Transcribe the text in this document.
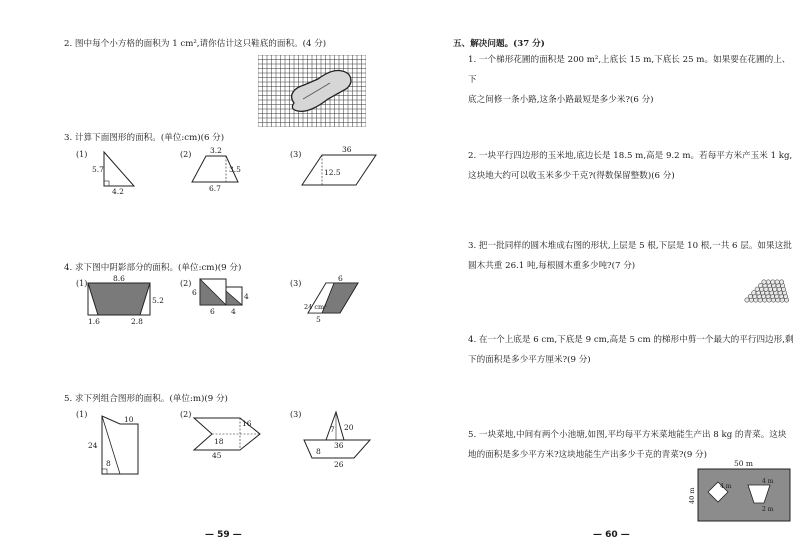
2. 图中每个小方格的面积为 1 cm²,请你估计这只鞋底的面积。(4 分)
3. 计算下面图形的面积。(单位:cm)(6 分)
(1)
5.7
4.2
(2) 3.2
3.5
6.7
(3)
36
12.5
4. 求下图中阴影部分的面积。(单位:cm)(9 分)
(1)
8.6
5.2
1.6	2.8
(2)
6
6 4
4
(3)
6
24 cm²
5
5. 求下列组合图形的面积。(单位:m)(9 分)
(1)
24
10
8
(2)
16
18
45
(3)
7 20
36
8
26
— 59 —
五、解决问题。(37 分)
1. 一个梯形花圃的面积是 200 m²,上底长 15 m,下底长 25 m。如果要在花圃的上、下
底之间修一条小路,这条小路最短是多少米?(6 分)
2. 一块平行四边形的玉米地,底边长是 18.5 m,高是 9.2 m。若每平方米产玉米 1 kg,
这块地大约可以收玉米多少千克?(得数保留整数)(6 分)
3. 把一批同样的圆木堆成右图的形状,上层是 5 根,下层是 10 根,一共 6 层。如果这批
圆木共重 26.1 吨,每根圆木重多少吨?(7 分)
4. 在一个上底是 6 cm,下底是 9 cm,高是 5 cm 的梯形中剪一个最大的平行四边形,剩
下的面积是多少平方厘米?(9 分)
5. 一块菜地,中间有两个小池塘,如图,平均每平方米菜地能生产出 8 kg 的青菜。这块
地的面积是多少平方米?这块地能生产出多少千克的青菜?(9 分)
50 m
40 m
4 m
4 m
2 m
— 60 —
